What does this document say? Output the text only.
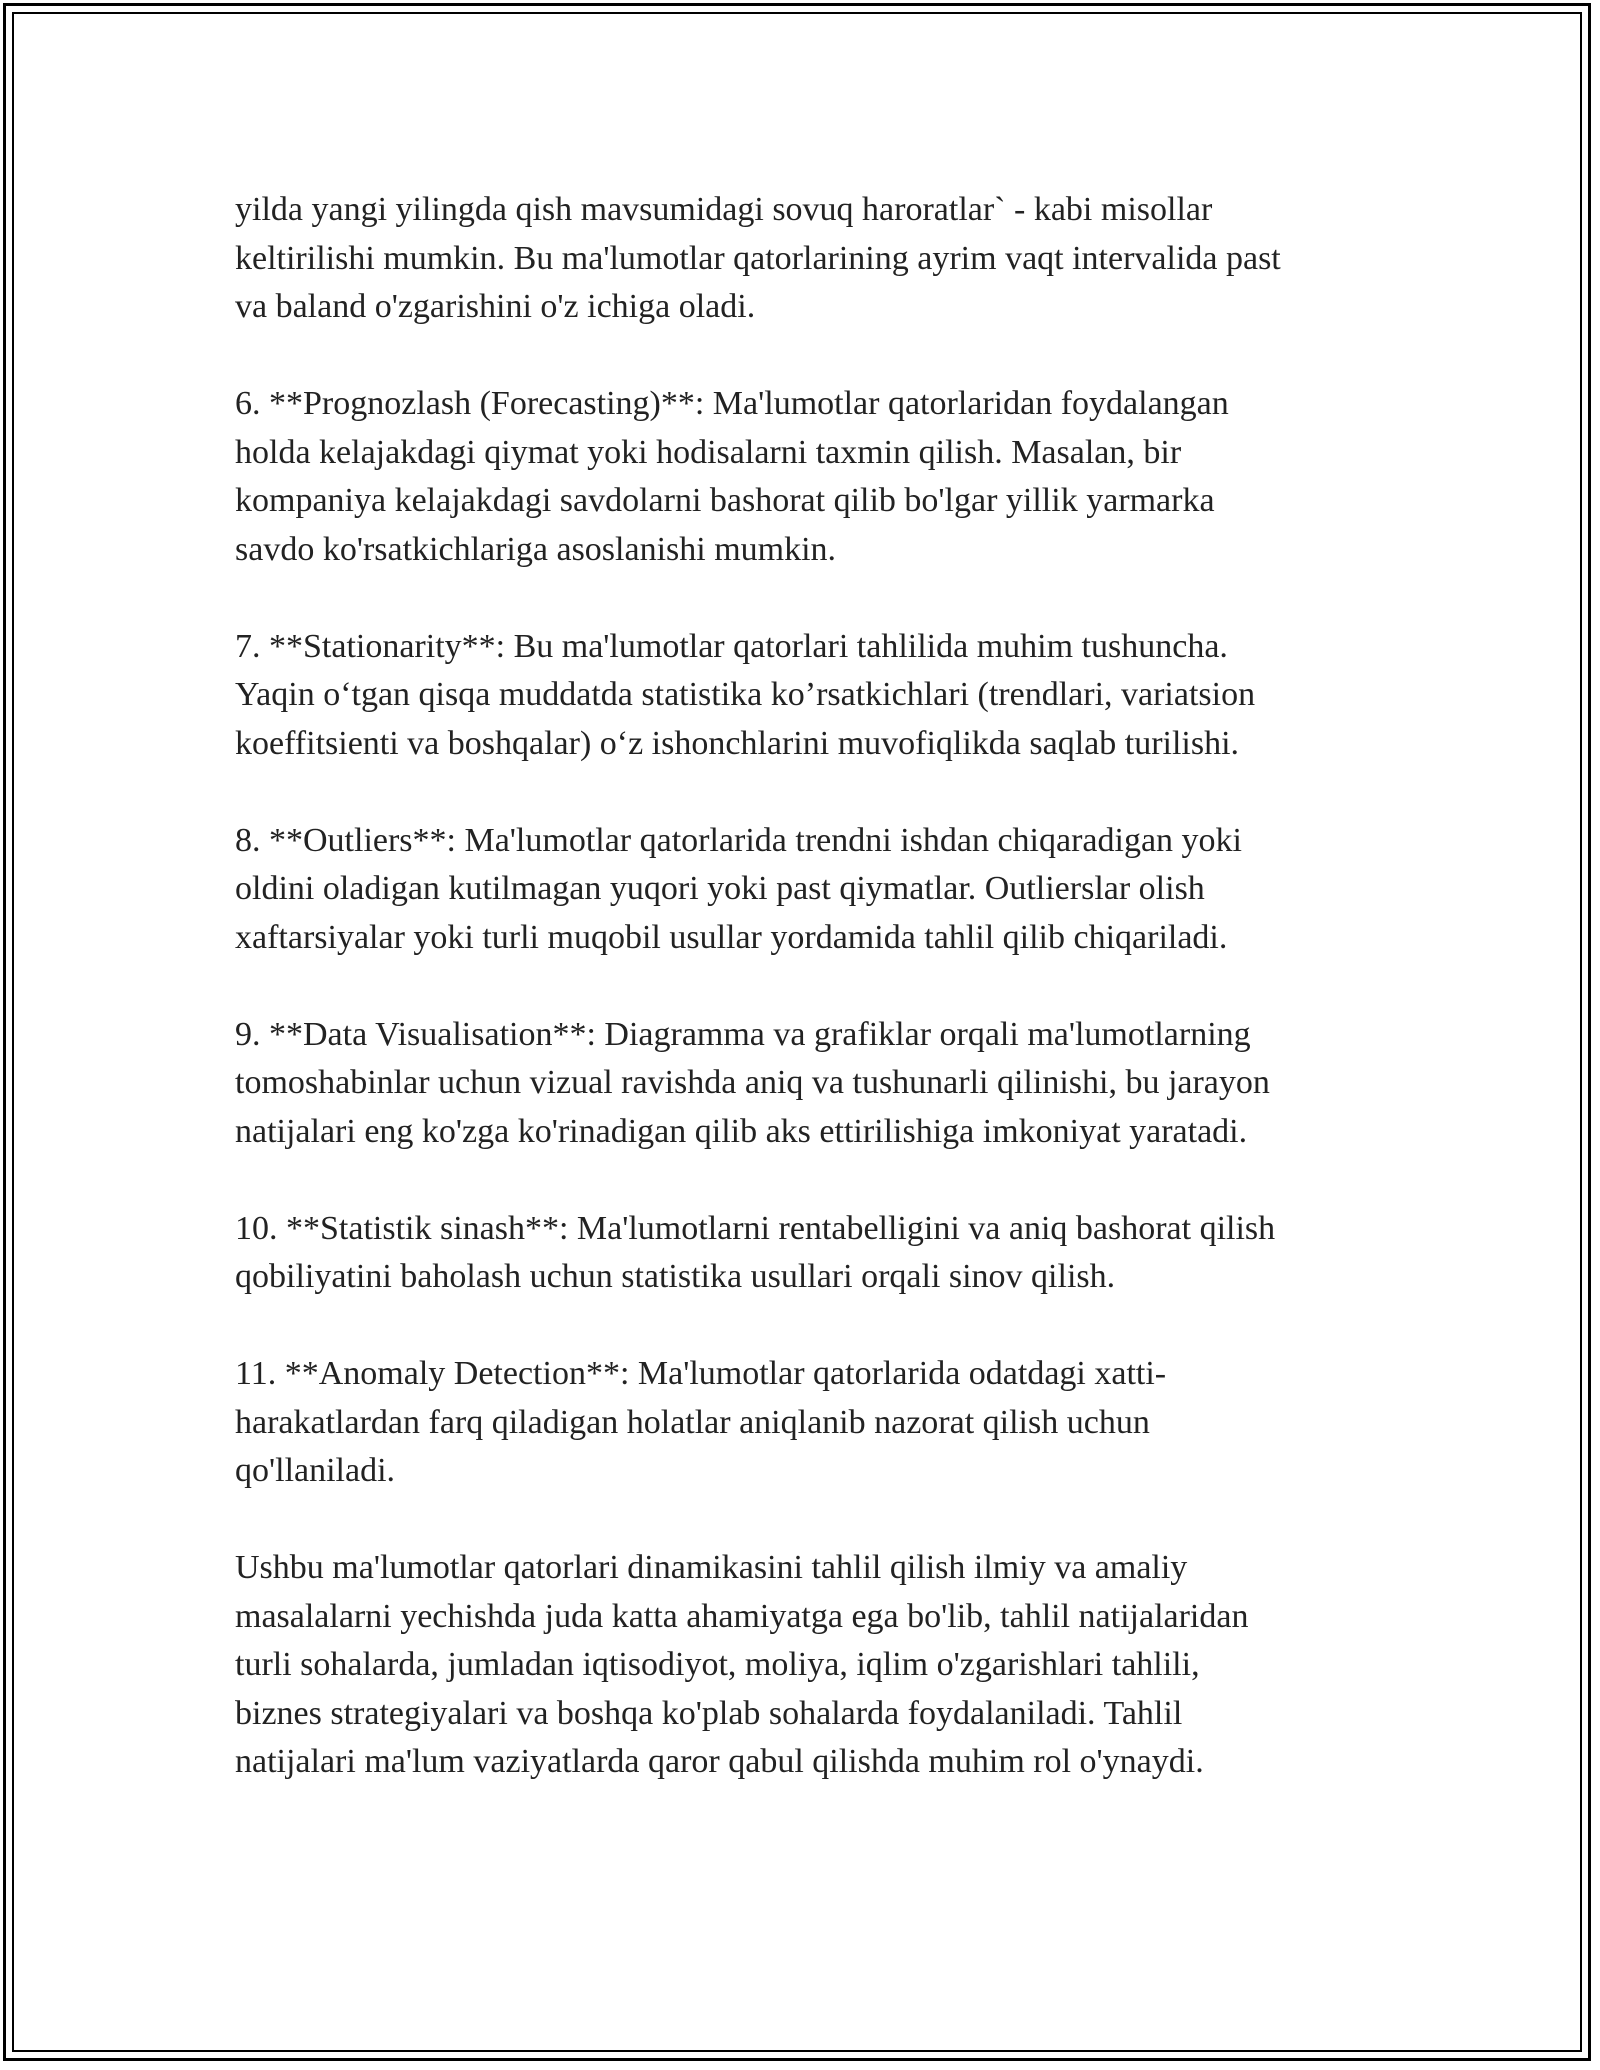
yilda yangi yilingda qish mavsumidagi sovuq haroratlar` - kabi misollar
keltirilishi mumkin. Bu ma'lumotlar qatorlarining ayrim vaqt intervalida past
va baland o'zgarishini o'z ichiga oladi.

6. **Prognozlash (Forecasting)**: Ma'lumotlar qatorlaridan foydalangan
holda kelajakdagi qiymat yoki hodisalarni taxmin qilish. Masalan, bir
kompaniya kelajakdagi savdolarni bashorat qilib bo'lgar yillik yarmarka
savdo ko'rsatkichlariga asoslanishi mumkin.

7. **Stationarity**: Bu ma'lumotlar qatorlari tahlilida muhim tushuncha.
Yaqin o‘tgan qisqa muddatda statistika ko’rsatkichlari (trendlari, variatsion
koeffitsienti va boshqalar) o‘z ishonchlarini muvofiqlikda saqlab turilishi.

8. **Outliers**: Ma'lumotlar qatorlarida trendni ishdan chiqaradigan yoki
oldini oladigan kutilmagan yuqori yoki past qiymatlar. Outlierslar olish
xaftarsiyalar yoki turli muqobil usullar yordamida tahlil qilib chiqariladi.

9. **Data Visualisation**: Diagramma va grafiklar orqali ma'lumotlarning
tomoshabinlar uchun vizual ravishda aniq va tushunarli qilinishi, bu jarayon
natijalari eng ko'zga ko'rinadigan qilib aks ettirilishiga imkoniyat yaratadi.

10. **Statistik sinash**: Ma'lumotlarni rentabelligini va aniq bashorat qilish
qobiliyatini baholash uchun statistika usullari orqali sinov qilish.

11. **Anomaly Detection**: Ma'lumotlar qatorlarida odatdagi xatti-
harakatlardan farq qiladigan holatlar aniqlanib nazorat qilish uchun
qo'llaniladi.

Ushbu ma'lumotlar qatorlari dinamikasini tahlil qilish ilmiy va amaliy
masalalarni yechishda juda katta ahamiyatga ega bo'lib, tahlil natijalaridan
turli sohalarda, jumladan iqtisodiyot, moliya, iqlim o'zgarishlari tahlili,
biznes strategiyalari va boshqa ko'plab sohalarda foydalaniladi. Tahlil
natijalari ma'lum vaziyatlarda qaror qabul qilishda muhim rol o'ynaydi.
